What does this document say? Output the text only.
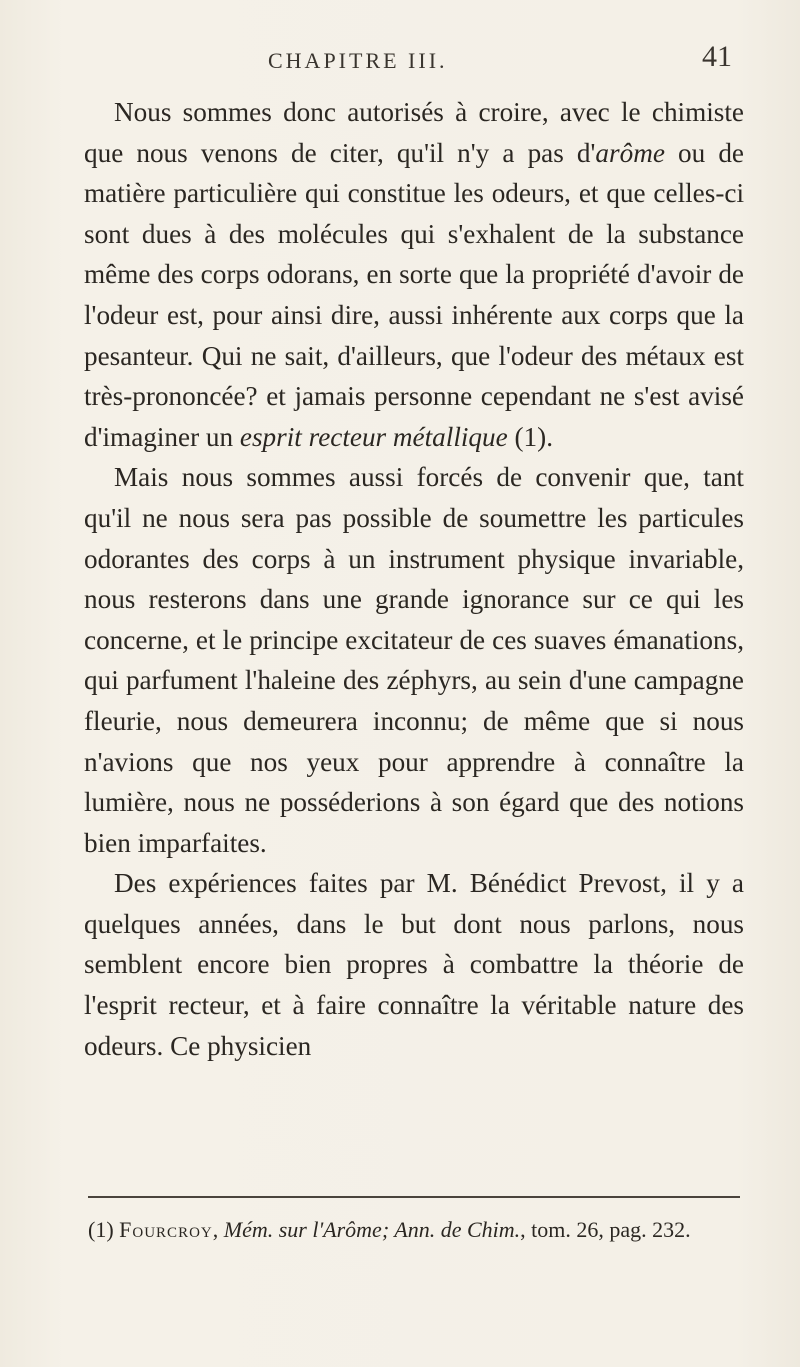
CHAPITRE III.	41

Nous sommes donc autorisés à croire, avec le chimiste que nous venons de citer, qu'il n'y a pas d'arôme ou de matière particulière qui constitue les odeurs, et que celles-ci sont dues à des molécules qui s'exhalent de la substance même des corps odorans, en sorte que la propriété d'avoir de l'odeur est, pour ainsi dire, aussi inhérente aux corps que la pesanteur. Qui ne sait, d'ailleurs, que l'odeur des métaux est très-prononcée? et jamais personne cependant ne s'est avisé d'imaginer un esprit recteur métallique (1).

Mais nous sommes aussi forcés de convenir que, tant qu'il ne nous sera pas possible de soumettre les particules odorantes des corps à un instrument physique invariable, nous resterons dans une grande ignorance sur ce qui les concerne, et le principe excitateur de ces suaves émanations, qui parfument l'haleine des zéphyrs, au sein d'une campagne fleurie, nous demeurera inconnu; de même que si nous n'avions que nos yeux pour apprendre à connaître la lumière, nous ne posséderions à son égard que des notions bien imparfaites.

Des expériences faites par M. Bénédict Prevost, il y a quelques années, dans le but dont nous parlons, nous semblent encore bien propres à combattre la théorie de l'esprit recteur, et à faire connaître la véritable nature des odeurs. Ce physicien

(1) Fourcroy, Mém. sur l'Arôme; Ann. de Chim., tom. 26, pag. 232.
